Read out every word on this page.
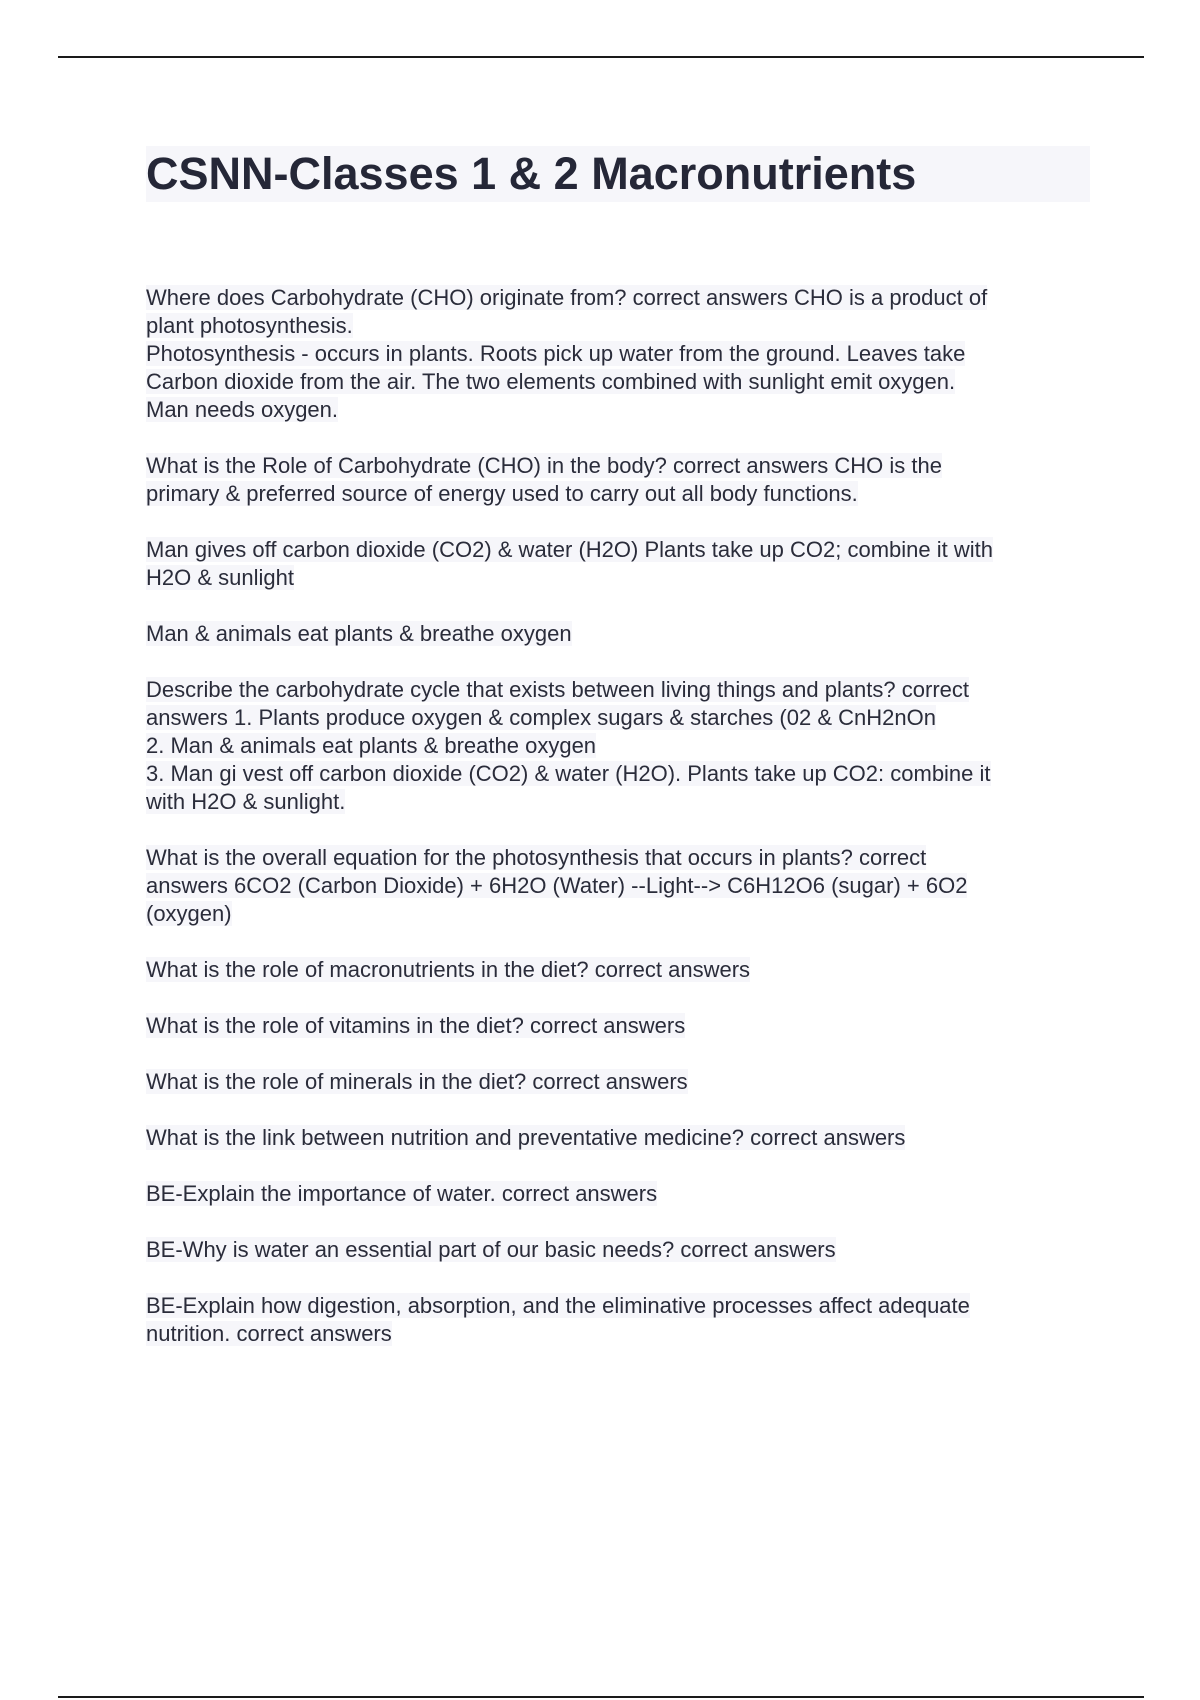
CSNN-Classes 1 & 2 Macronutrients

Where does Carbohydrate (CHO) originate from? correct answers CHO is a product of
plant photosynthesis.
Photosynthesis - occurs in plants. Roots pick up water from the ground. Leaves take
Carbon dioxide from the air. The two elements combined with sunlight emit oxygen.
Man needs oxygen.

What is the Role of Carbohydrate (CHO) in the body? correct answers CHO is the
primary & preferred source of energy used to carry out all body functions.

Man gives off carbon dioxide (CO2) & water (H2O) Plants take up CO2; combine it with
H2O & sunlight

Man & animals eat plants & breathe oxygen

Describe the carbohydrate cycle that exists between living things and plants? correct
answers 1. Plants produce oxygen & complex sugars & starches (02 & CnH2nOn
2. Man & animals eat plants & breathe oxygen
3. Man gi vest off carbon dioxide (CO2) & water (H2O). Plants take up CO2: combine it
with H2O & sunlight.

What is the overall equation for the photosynthesis that occurs in plants? correct
answers 6CO2 (Carbon Dioxide) + 6H2O (Water) --Light--> C6H12O6 (sugar) + 6O2
(oxygen)

What is the role of macronutrients in the diet? correct answers

What is the role of vitamins in the diet? correct answers

What is the role of minerals in the diet? correct answers

What is the link between nutrition and preventative medicine? correct answers

BE-Explain the importance of water. correct answers

BE-Why is water an essential part of our basic needs? correct answers

BE-Explain how digestion, absorption, and the eliminative processes affect adequate
nutrition. correct answers
